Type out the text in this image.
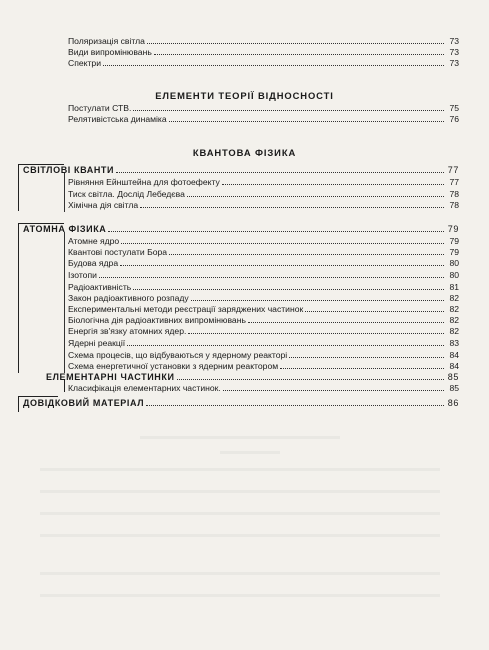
Поляризація світла	73
Види випромінювань	73
Спектри	73
ЕЛЕМЕНТИ ТЕОРІЇ ВІДНОСНОСТІ
Постулати СТВ.	75
Релятивістська динаміка	76
КВАНТОВА ФІЗИКА
СВІТЛОВІ КВАНТИ	77
Рівняння Ейнштейна для фотоефекту	77
Тиск світла. Дослід Лебедєва	78
Хімічна дія світла	78
АТОМНА ФІЗИКА	79
Атомне ядро	79
Квантові постулати Бора	79
Будова ядра	80
Ізотопи	80
Радіоактивність	81
Закон радіоактивного розпаду	82
Експериментальні методи реєстрації заряджених частинок	82
Біологічна дія радіоактивних випромінювань	82
Енергія зв'язку атомних ядер.	82
Ядерні реакції	83
Схема процесів, що відбуваються у ядерному реакторі	84
Схема енергетичної установки з ядерним реактором	84
ЕЛЕМЕНТАРНІ ЧАСТИНКИ	85
Класифікація елементарних частинок.	85
ДОВІДКОВИЙ МАТЕРІАЛ	86
